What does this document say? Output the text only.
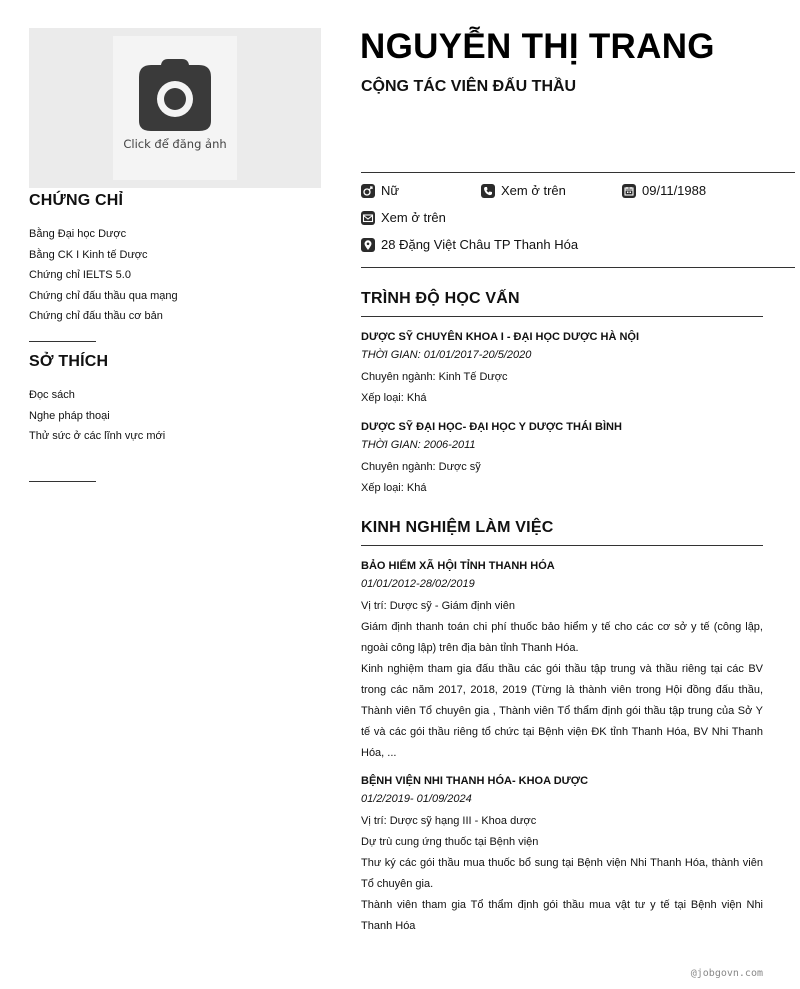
Click để đăng ảnh
CHỨNG CHỈ
Bằng Đại học Dược
Bằng CK I Kinh tế Dược
Chứng chỉ IELTS 5.0
Chứng chỉ đấu thầu qua mạng
Chứng chỉ đấu thầu cơ bản
SỞ THÍCH
Đọc sách
Nghe pháp thoại
Thử sức ở các lĩnh vực mới
NGUYỄN THỊ TRANG
CỘNG TÁC VIÊN ĐẤU THẦU
Nữ	Xem ở trên	09/11/1988
Xem ở trên
28 Đặng Việt Châu TP Thanh Hóa
TRÌNH ĐỘ HỌC VẤN
DƯỢC SỸ CHUYÊN KHOA I - ĐẠI HỌC DƯỢC HÀ NỘI
THỜI GIAN: 01/01/2017-20/5/2020
Chuyên ngành: Kinh Tế Dược
Xếp loại: Khá
DƯỢC SỸ ĐẠI HỌC- ĐẠI HỌC Y DƯỢC THÁI BÌNH
THỜI GIAN: 2006-2011
Chuyên ngành: Dược sỹ
Xếp loại: Khá
KINH NGHIỆM LÀM VIỆC
BẢO HIỂM XÃ HỘI TỈNH THANH HÓA
01/01/2012-28/02/2019
Vị trí: Dược sỹ - Giám định viên
Giám định thanh toán chi phí thuốc bảo hiểm y tế cho các cơ sở y tế (công lập, ngoài công lập) trên địa bàn tỉnh Thanh Hóa.
Kinh nghiệm tham gia đấu thầu các gói thầu tập trung và thầu riêng tại các BV trong các năm 2017, 2018, 2019 (Từng là thành viên trong Hội đồng đấu thầu, Thành viên Tổ chuyên gia , Thành viên Tổ thẩm định gói thầu tập trung của Sở Y tế và các gói thầu riêng tổ chức tại Bệnh viện ĐK tỉnh Thanh Hóa, BV Nhi Thanh Hóa, ...
BỆNH VIỆN NHI THANH HÓA- KHOA DƯỢC
01/2/2019- 01/09/2024
Vị trí: Dược sỹ hạng III - Khoa dược
Dự trù cung ứng thuốc tại Bệnh viện
Thư ký các gói thầu mua thuốc bổ sung tại Bệnh viện Nhi Thanh Hóa, thành viên Tổ chuyên gia.
Thành viên tham gia Tổ thẩm định gói thầu mua vật tư y tế tại Bệnh viện Nhi Thanh Hóa
@jobgovn.com
